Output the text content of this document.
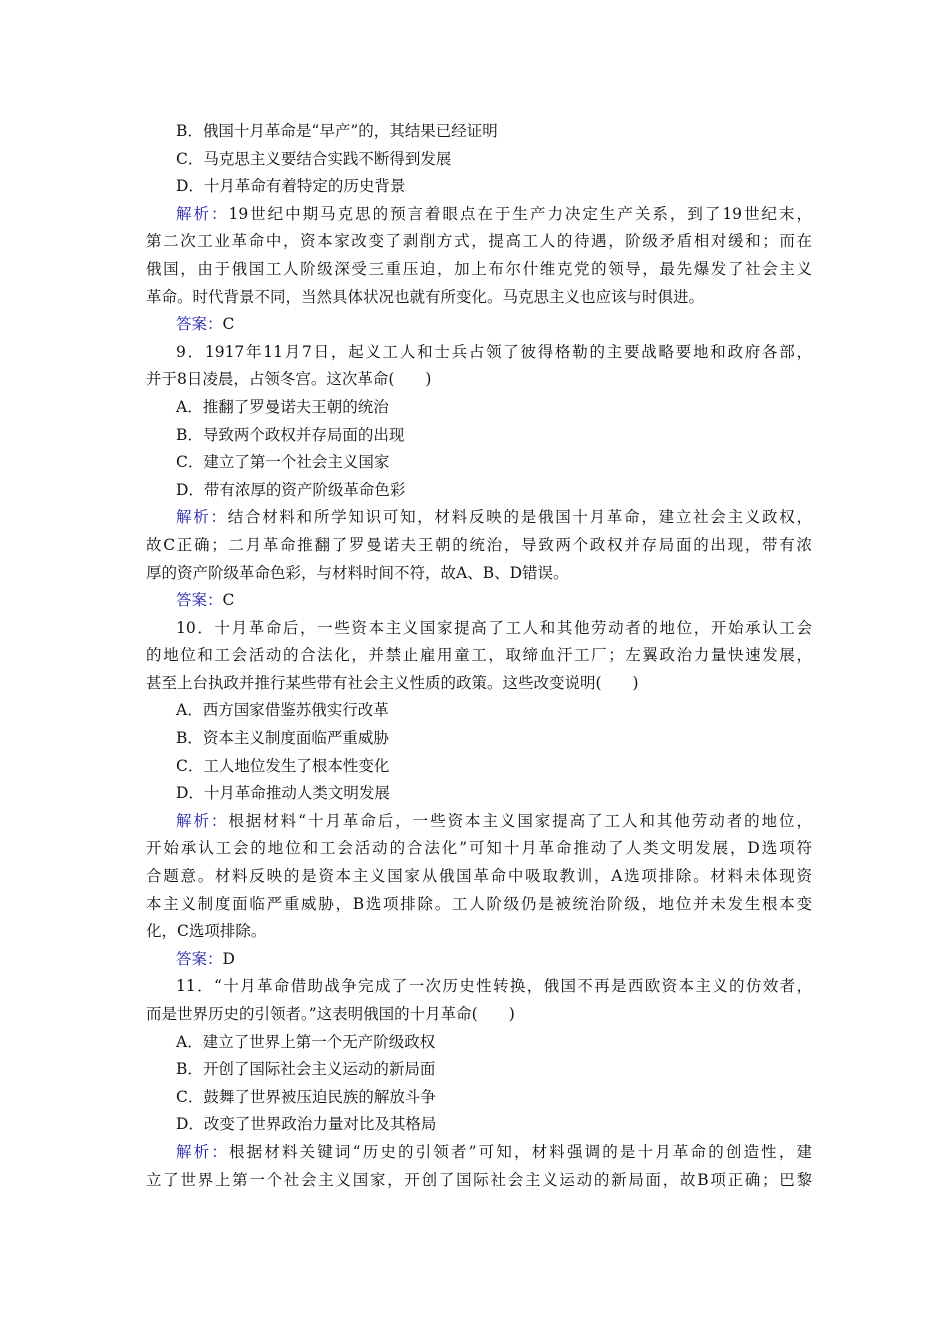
B．俄国十月革命是“早产”的，其结果已经证明
C．马克思主义要结合实践不断得到发展
D．十月革命有着特定的历史背景
解析：19世纪中期马克思的预言着眼点在于生产力决定生产关系，到了19世纪末，
第二次工业革命中，资本家改变了剥削方式，提高工人的待遇，阶级矛盾相对缓和；而在
俄国，由于俄国工人阶级深受三重压迫，加上布尔什维克党的领导，最先爆发了社会主义
革命。时代背景不同，当然具体状况也就有所变化。马克思主义也应该与时俱进。
答案：C
9．1917年11月7日，起义工人和士兵占领了彼得格勒的主要战略要地和政府各部，
并于8日凌晨，占领冬宫。这次革命(　　)
A．推翻了罗曼诺夫王朝的统治
B．导致两个政权并存局面的出现
C．建立了第一个社会主义国家
D．带有浓厚的资产阶级革命色彩
解析：结合材料和所学知识可知，材料反映的是俄国十月革命，建立社会主义政权，
故C正确；二月革命推翻了罗曼诺夫王朝的统治，导致两个政权并存局面的出现，带有浓
厚的资产阶级革命色彩，与材料时间不符，故A、B、D错误。
答案：C
10．十月革命后，一些资本主义国家提高了工人和其他劳动者的地位，开始承认工会
的地位和工会活动的合法化，并禁止雇用童工，取缔血汗工厂；左翼政治力量快速发展，
甚至上台执政并推行某些带有社会主义性质的政策。这些改变说明(　　)
A．西方国家借鉴苏俄实行改革
B．资本主义制度面临严重威胁
C．工人地位发生了根本性变化
D．十月革命推动人类文明发展
解析：根据材料“十月革命后，一些资本主义国家提高了工人和其他劳动者的地位，
开始承认工会的地位和工会活动的合法化”可知十月革命推动了人类文明发展，D选项符
合题意。材料反映的是资本主义国家从俄国革命中吸取教训，A选项排除。材料未体现资
本主义制度面临严重威胁，B选项排除。工人阶级仍是被统治阶级，地位并未发生根本变
化，C选项排除。
答案：D
11．“十月革命借助战争完成了一次历史性转换，俄国不再是西欧资本主义的仿效者，
而是世界历史的引领者。”这表明俄国的十月革命(　　)
A．建立了世界上第一个无产阶级政权
B．开创了国际社会主义运动的新局面
C．鼓舞了世界被压迫民族的解放斗争
D．改变了世界政治力量对比及其格局
解析：根据材料关键词“历史的引领者”可知，材料强调的是十月革命的创造性，建
立了世界上第一个社会主义国家，开创了国际社会主义运动的新局面，故B项正确；巴黎
